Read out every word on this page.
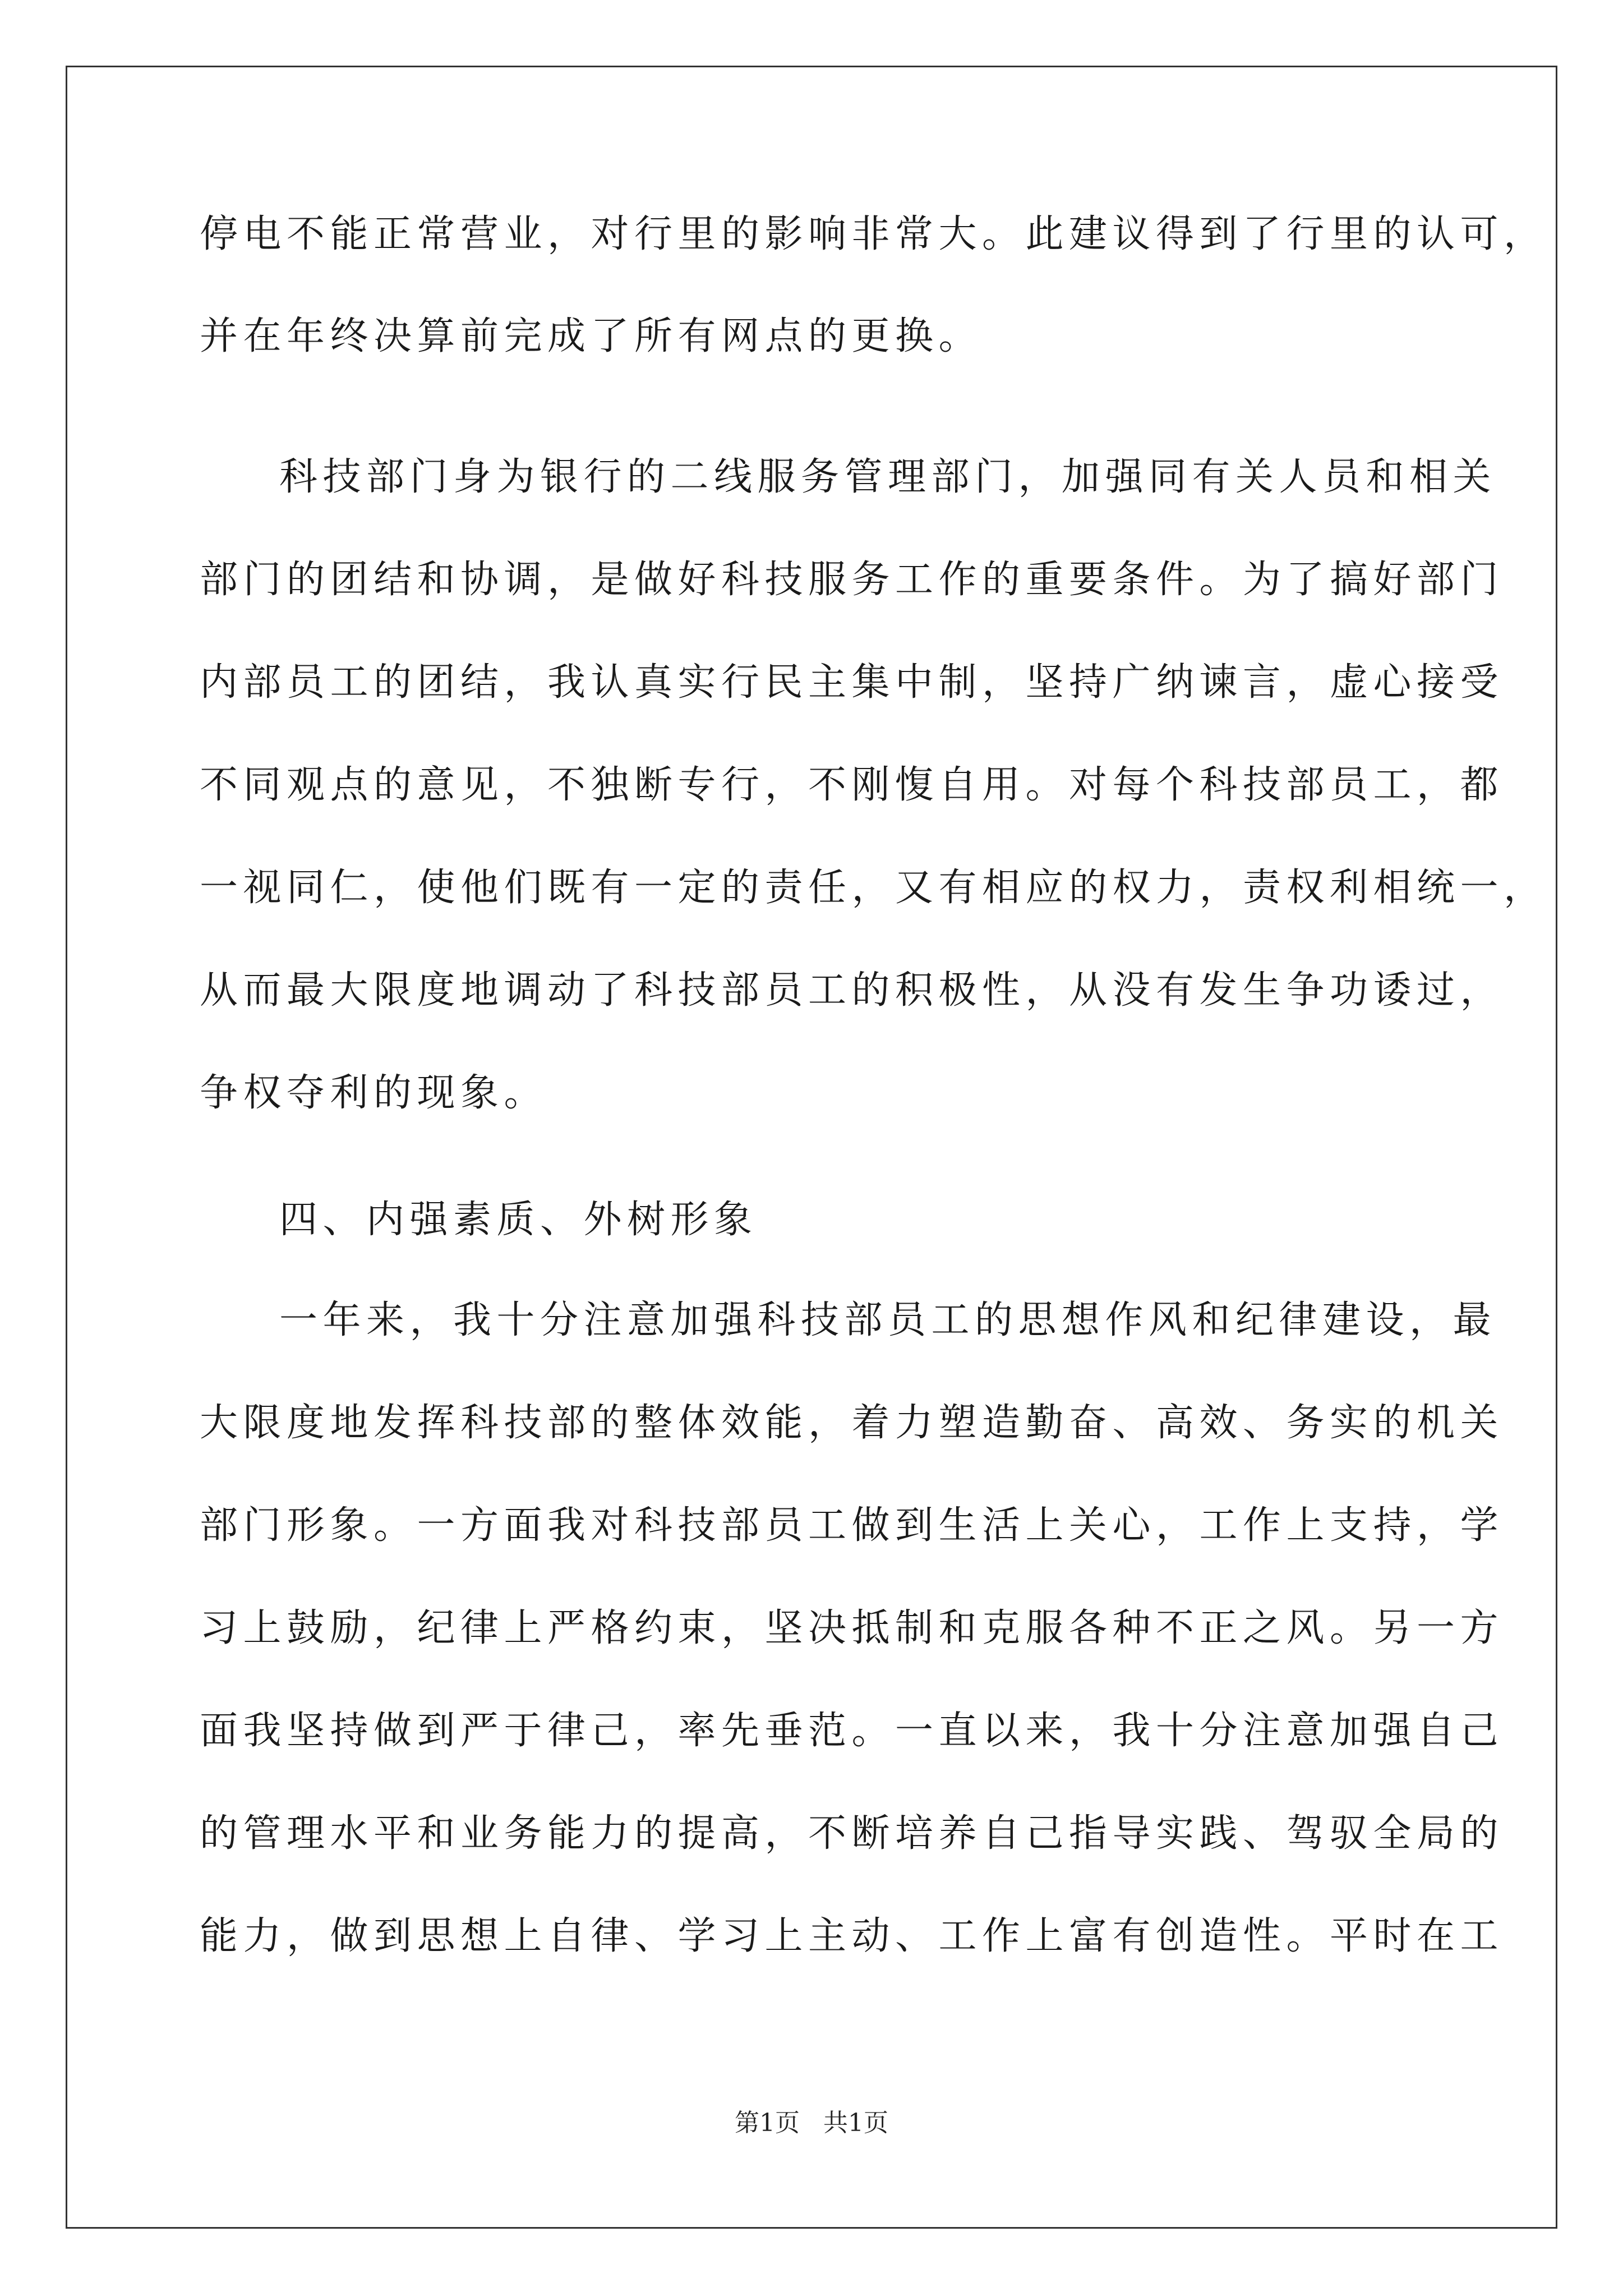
停电不能正常营业，对行里的影响非常大。此建议得到了行里的认可，
并在年终决算前完成了所有网点的更换。
科技部门身为银行的二线服务管理部门，加强同有关人员和相关
部门的团结和协调，是做好科技服务工作的重要条件。为了搞好部门
内部员工的团结，我认真实行民主集中制，坚持广纳谏言，虚心接受
不同观点的意见，不独断专行，不刚愎自用。对每个科技部员工，都
一视同仁，使他们既有一定的责任，又有相应的权力，责权利相统一，
从而最大限度地调动了科技部员工的积极性，从没有发生争功诿过，
争权夺利的现象。
四、内强素质、外树形象
一年来，我十分注意加强科技部员工的思想作风和纪律建设，最
大限度地发挥科技部的整体效能，着力塑造勤奋、高效、务实的机关
部门形象。一方面我对科技部员工做到生活上关心，工作上支持，学
习上鼓励，纪律上严格约束，坚决抵制和克服各种不正之风。另一方
面我坚持做到严于律己，率先垂范。一直以来，我十分注意加强自己
的管理水平和业务能力的提高，不断培养自己指导实践、驾驭全局的
能力，做到思想上自律、学习上主动、工作上富有创造性。平时在工
第1页 共1页
